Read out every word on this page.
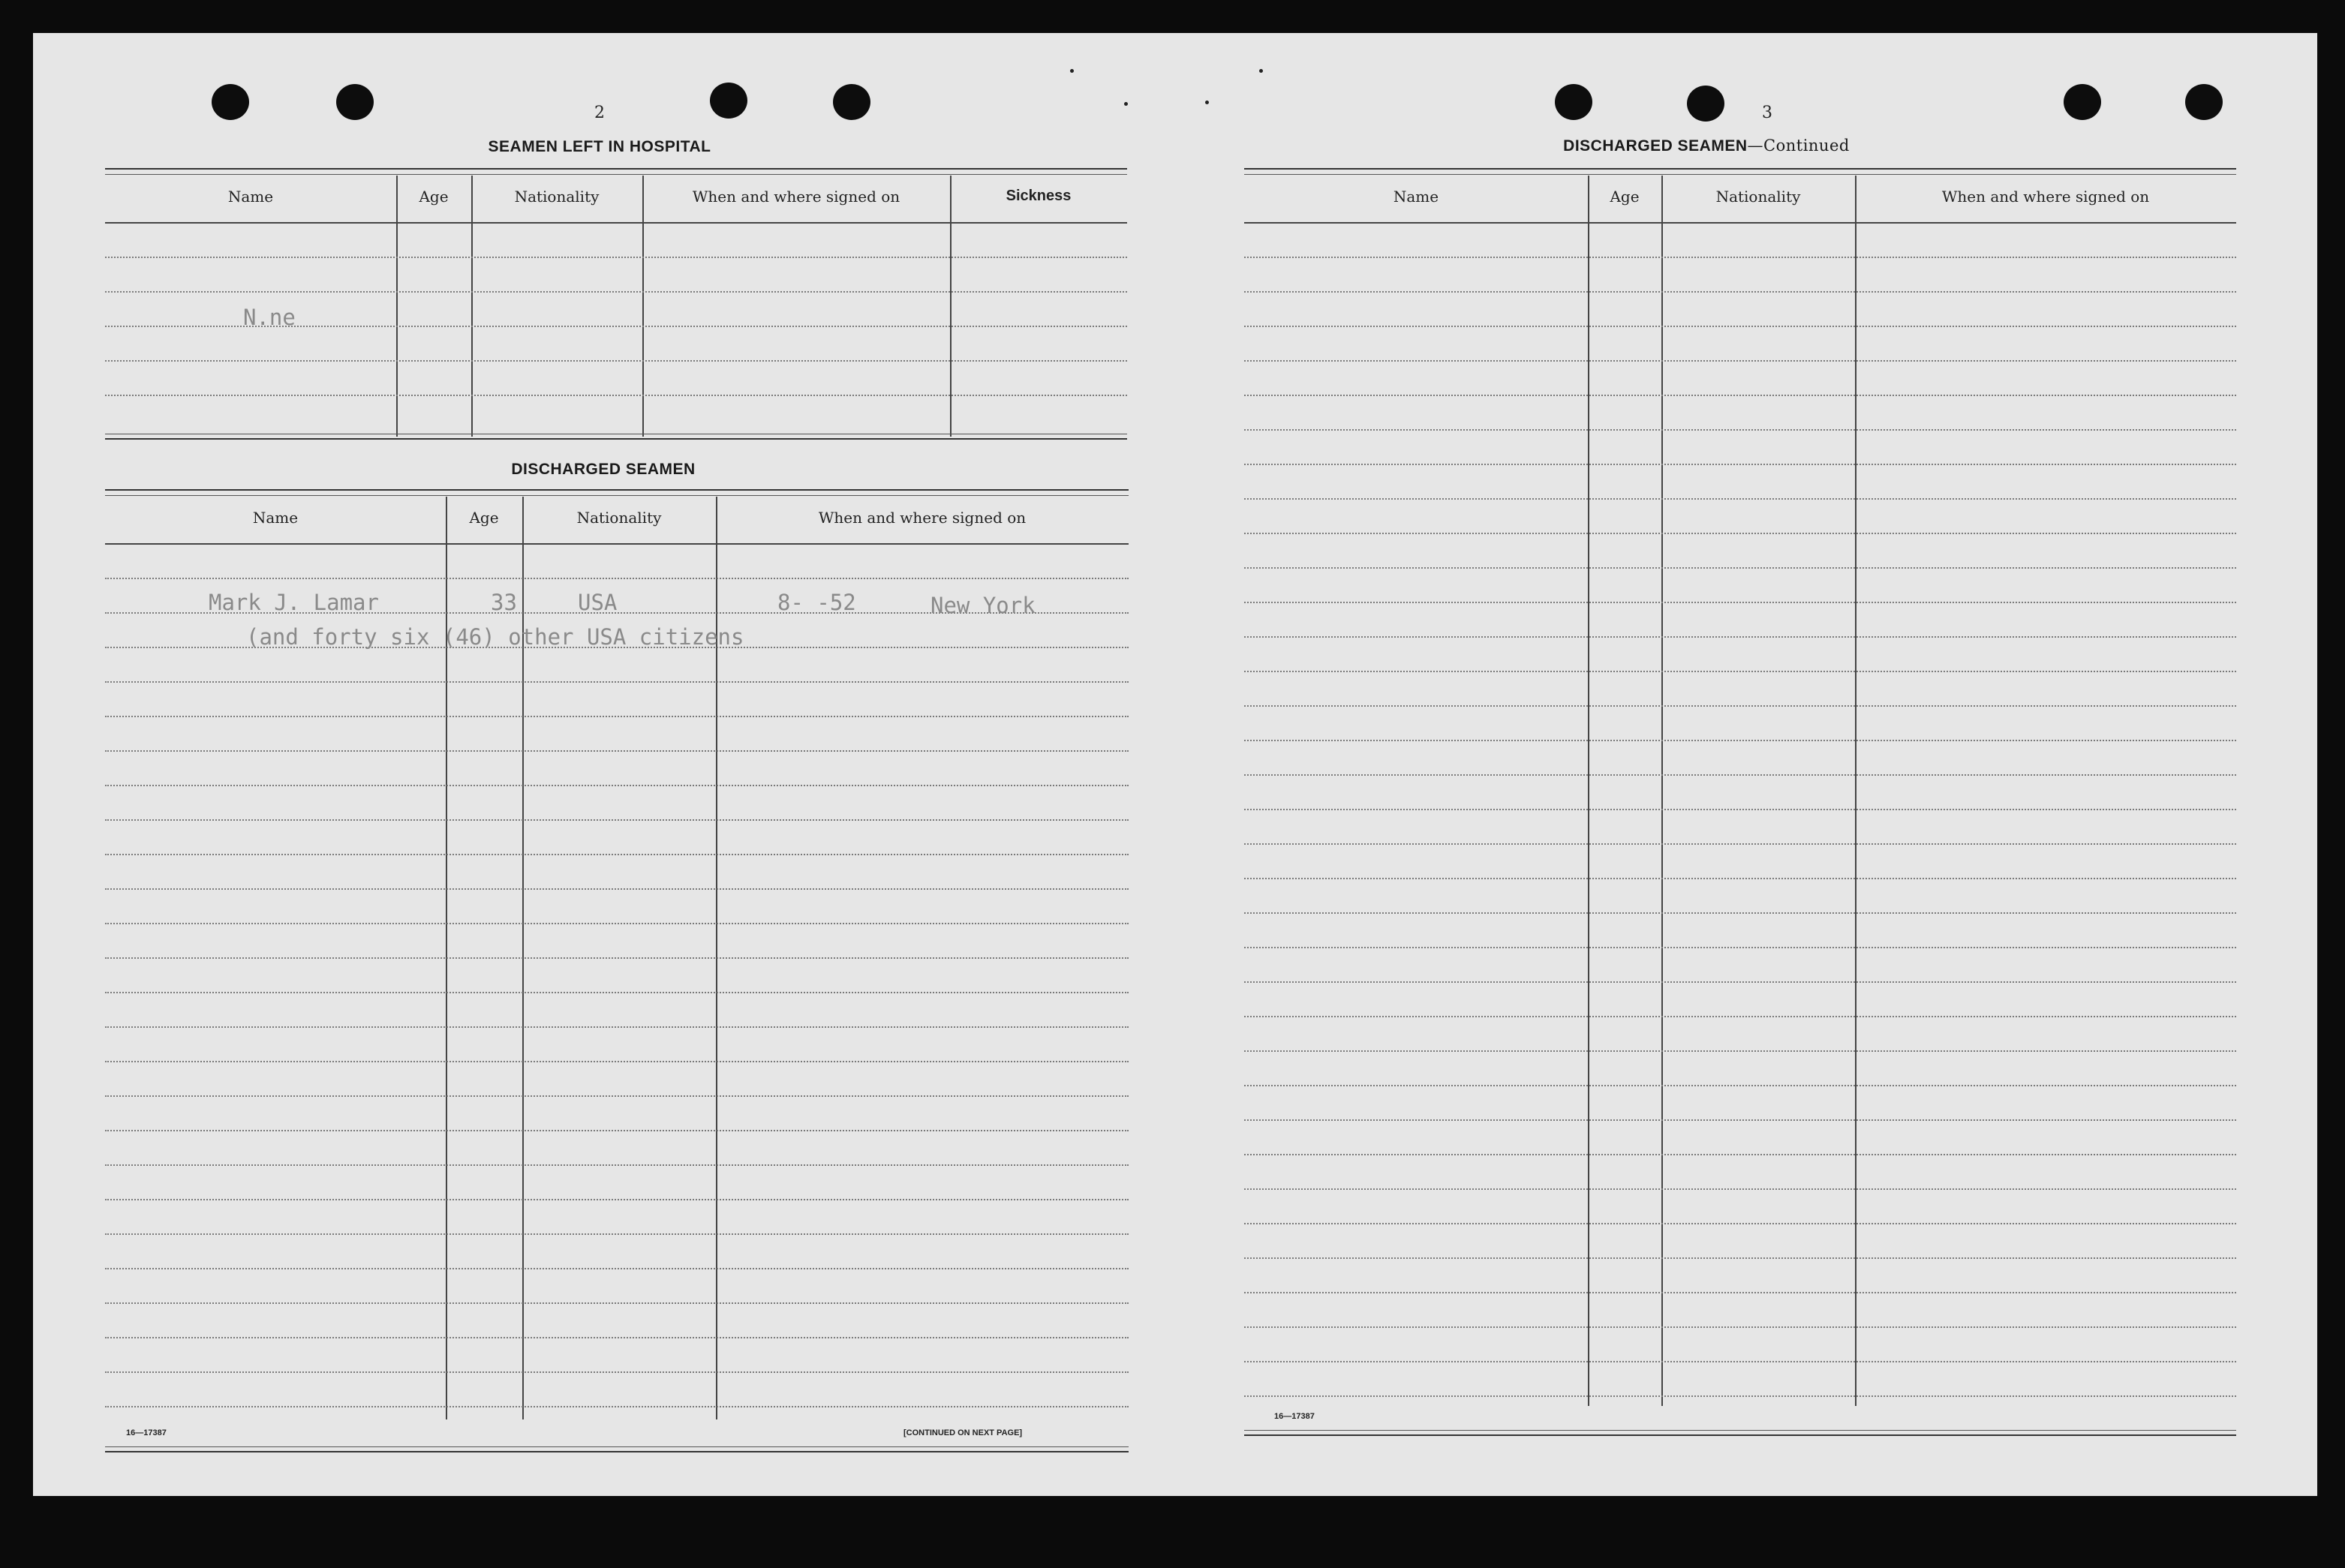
2
SEAMEN LEFT IN HOSPITAL
Name	Age	Nationality	When and where signed on	Sickness
N.ne
DISCHARGED SEAMEN
Name	Age	Nationality	When and where signed on
Mark J. Lamar	33	USA	8- -52	New York
(and forty six (46) other USA citizens
16—17387	[CONTINUED ON NEXT PAGE]
3
DISCHARGED SEAMEN—Continued
Name	Age	Nationality	When and where signed on
16—17387
